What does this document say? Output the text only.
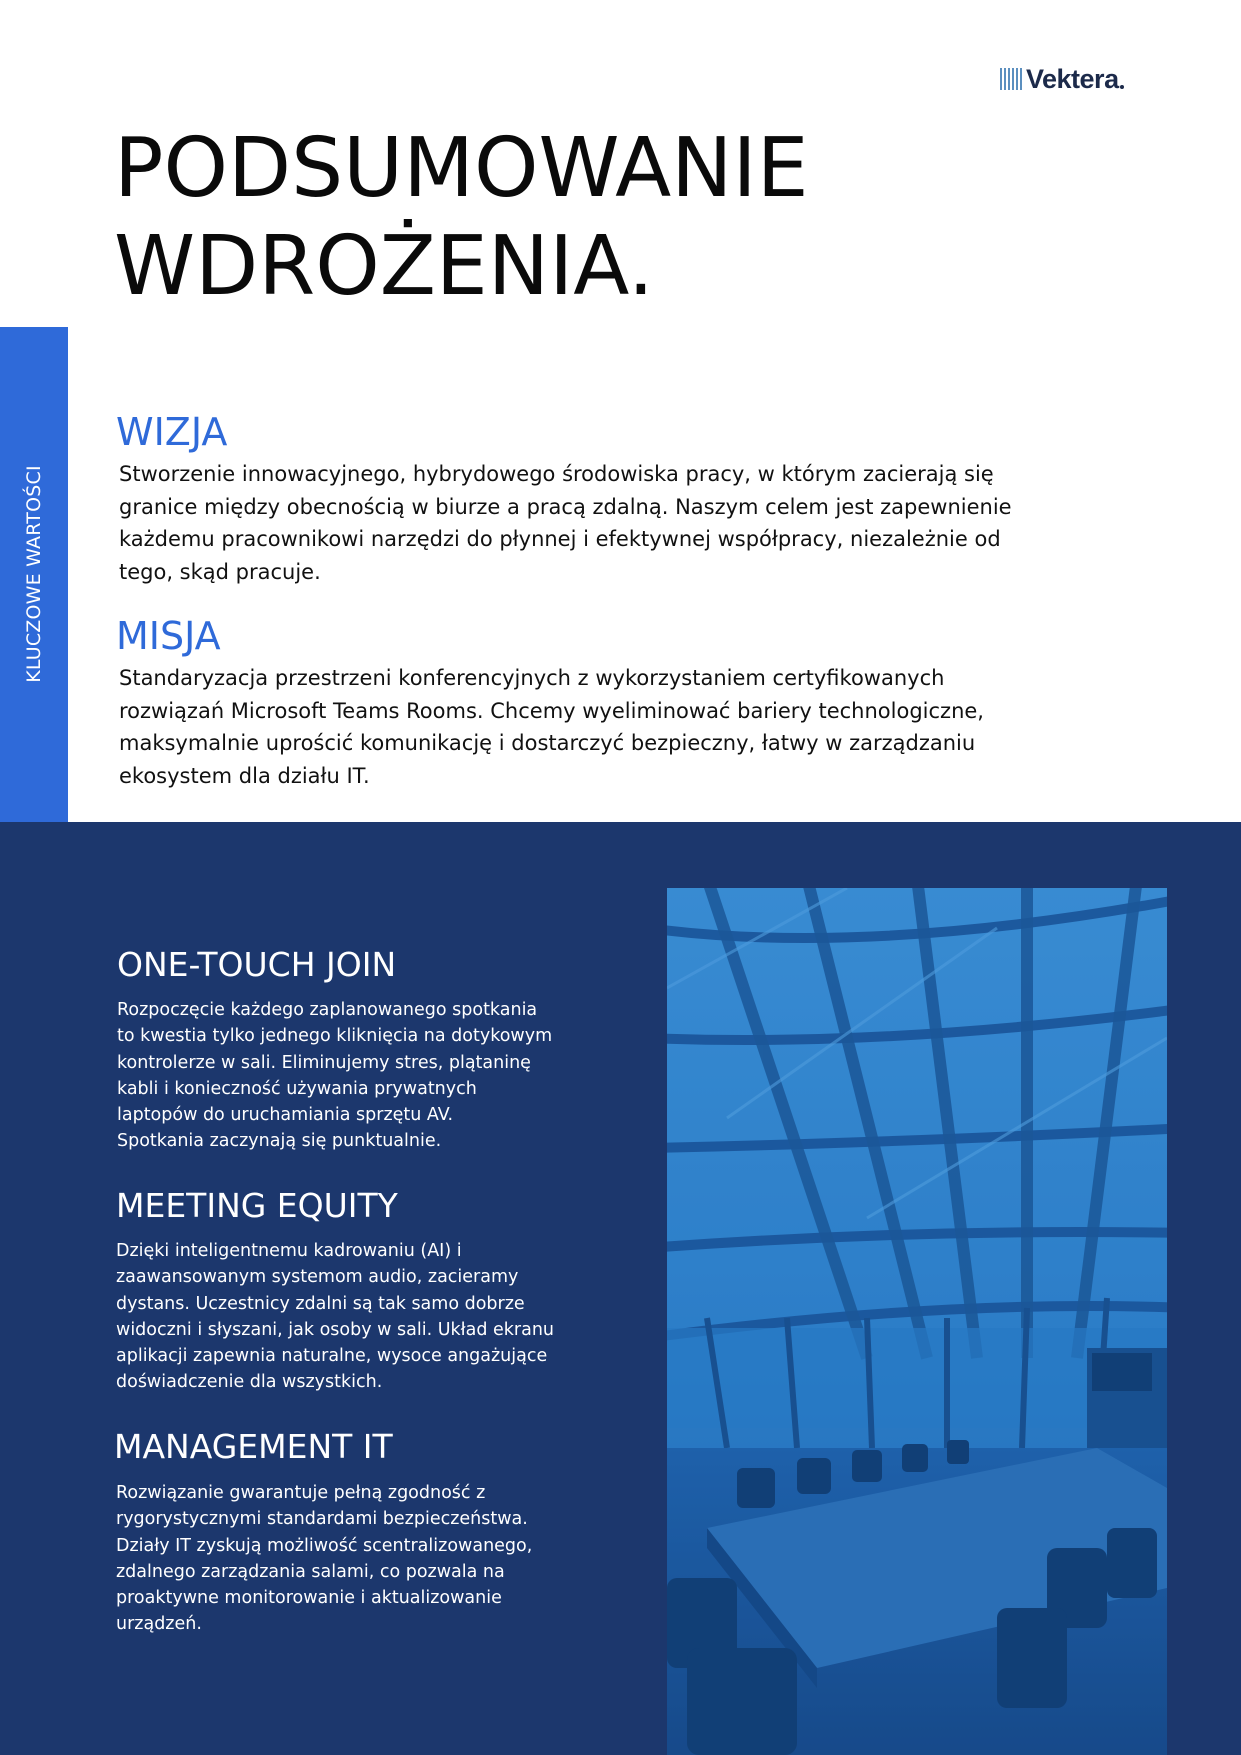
Vektera
PODSUMOWANIE
WDROŻENIA.
KLUCZOWE WARTOŚCI
WIZJA
Stworzenie innowacyjnego, hybrydowego środowiska pracy, w którym zacierają się
granice między obecnością w biurze a pracą zdalną. Naszym celem jest zapewnienie
każdemu pracownikowi narzędzi do płynnej i efektywnej współpracy, niezależnie od
tego, skąd pracuje.
MISJA
Standaryzacja przestrzeni konferencyjnych z wykorzystaniem certyfikowanych
rozwiązań Microsoft Teams Rooms. Chcemy wyeliminować bariery technologiczne,
maksymalnie uprościć komunikację i dostarczyć bezpieczny, łatwy w zarządzaniu
ekosystem dla działu IT.
ONE-TOUCH JOIN
Rozpoczęcie każdego zaplanowanego spotkania
to kwestia tylko jednego kliknięcia na dotykowym
kontrolerze w sali. Eliminujemy stres, plątaninę
kabli i konieczność używania prywatnych
laptopów do uruchamiania sprzętu AV.
Spotkania zaczynają się punktualnie.
MEETING EQUITY
Dzięki inteligentnemu kadrowaniu (AI) i
zaawansowanym systemom audio, zacieramy
dystans. Uczestnicy zdalni są tak samo dobrze
widoczni i słyszani, jak osoby w sali. Układ ekranu
aplikacji zapewnia naturalne, wysoce angażujące
doświadczenie dla wszystkich.
MANAGEMENT IT
Rozwiązanie gwarantuje pełną zgodność z
rygorystycznymi standardami bezpieczeństwa.
Działy IT zyskują możliwość scentralizowanego,
zdalnego zarządzania salami, co pozwala na
proaktywne monitorowanie i aktualizowanie
urządzeń.
